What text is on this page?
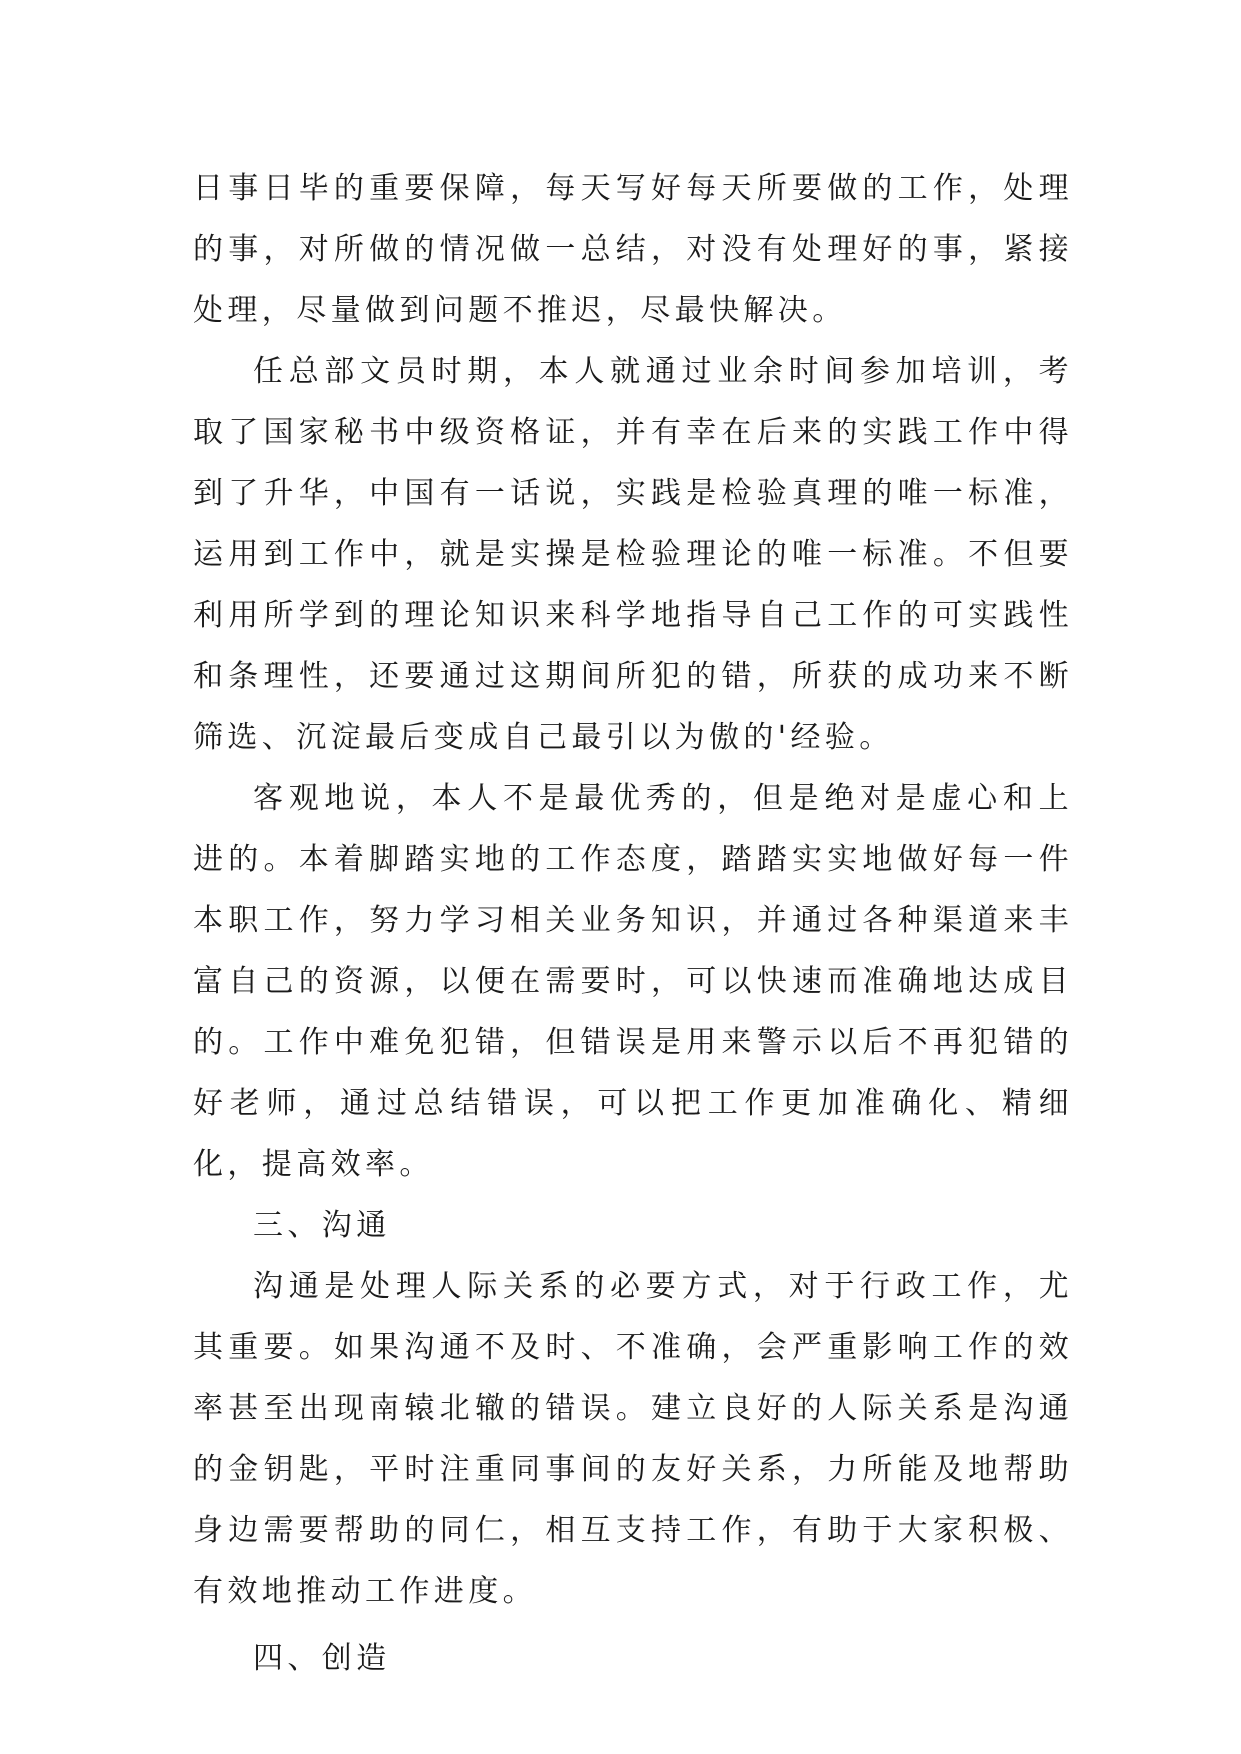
日事日毕的重要保障，每天写好每天所要做的工作，处理的事，对所做的情况做一总结，对没有处理好的事，紧接处理，尽量做到问题不推迟，尽最快解决。

任总部文员时期，本人就通过业余时间参加培训，考取了国家秘书中级资格证，并有幸在后来的实践工作中得到了升华，中国有一话说，实践是检验真理的唯一标准，运用到工作中，就是实操是检验理论的唯一标准。不但要利用所学到的理论知识来科学地指导自己工作的可实践性和条理性，还要通过这期间所犯的错，所获的成功来不断筛选、沉淀最后变成自己最引以为傲的'经验。

客观地说，本人不是最优秀的，但是绝对是虚心和上进的。本着脚踏实地的工作态度，踏踏实实地做好每一件本职工作，努力学习相关业务知识，并通过各种渠道来丰富自己的资源，以便在需要时，可以快速而准确地达成目的。工作中难免犯错，但错误是用来警示以后不再犯错的好老师，通过总结错误，可以把工作更加准确化、精细化，提高效率。

三、沟通

沟通是处理人际关系的必要方式，对于行政工作，尤其重要。如果沟通不及时、不准确，会严重影响工作的效率甚至出现南辕北辙的错误。建立良好的人际关系是沟通的金钥匙，平时注重同事间的友好关系，力所能及地帮助身边需要帮助的同仁，相互支持工作，有助于大家积极、有效地推动工作进度。

四、创造
